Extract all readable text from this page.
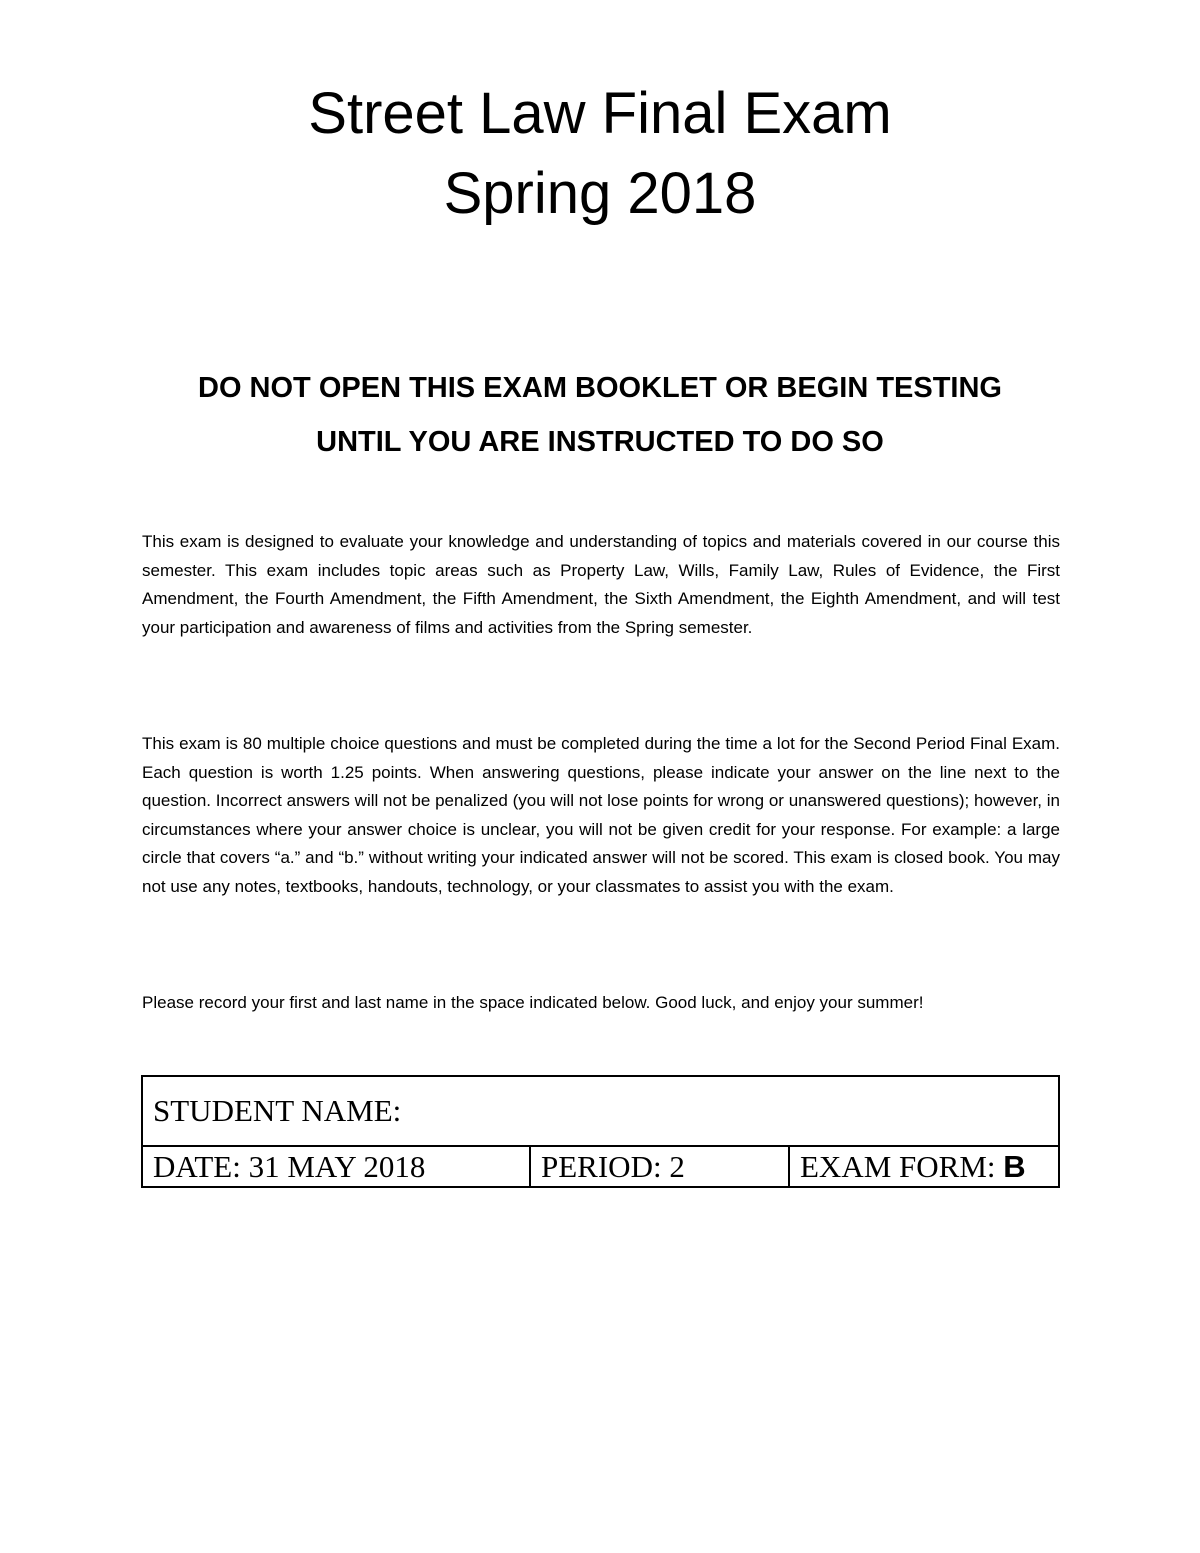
Street Law Final Exam
Spring 2018

DO NOT OPEN THIS EXAM BOOKLET OR BEGIN TESTING

UNTIL YOU ARE INSTRUCTED TO DO SO

This exam is designed to evaluate your knowledge and understanding of topics and materials covered in our course this semester. This exam includes topic areas such as Property Law, Wills, Family Law, Rules of Evidence, the First Amendment, the Fourth Amendment, the Fifth Amendment, the Sixth Amendment, the Eighth Amendment, and will test your participation and awareness of films and activities from the Spring semester.

This exam is 80 multiple choice questions and must be completed during the time a lot for the Second Period Final Exam. Each question is worth 1.25 points. When answering questions, please indicate your answer on the line next to the question. Incorrect answers will not be penalized (you will not lose points for wrong or unanswered questions); however, in circumstances where your answer choice is unclear, you will not be given credit for your response. For example: a large circle that covers “a.” and “b.” without writing your indicated answer will not be scored. This exam is closed book. You may not use any notes, textbooks, handouts, technology, or your classmates to assist you with the exam.

Please record your first and last name in the space indicated below. Good luck, and enjoy your summer!

STUDENT NAME:
DATE: 31 MAY 2018	PERIOD: 2	EXAM FORM: B
